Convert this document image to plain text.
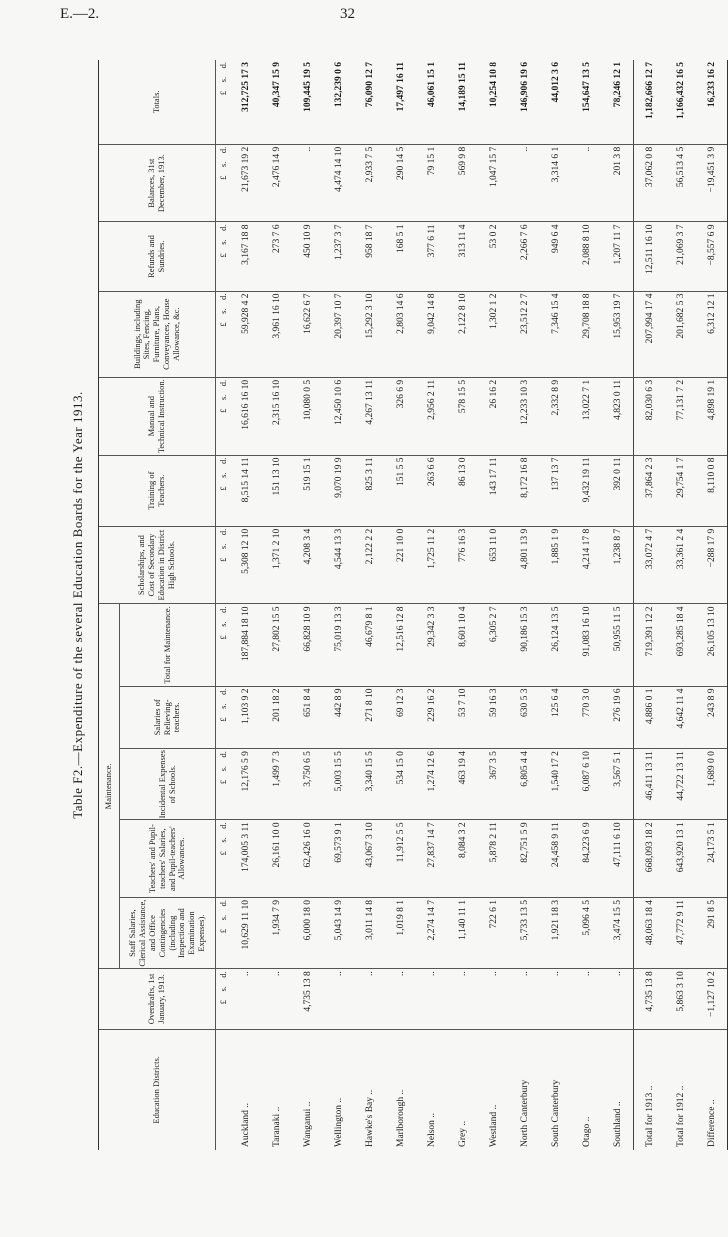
E.—2.	32
Table F2.—Expenditure of the several Education Boards for the Year 1913.
Education Districts.	Overdrafts, 1st January, 1913.	Maintenance.					Scholarships, and Cost of Secondary Education in District High Schools.	Training of Teachers.	Manual and Technical Instruction.	Buildings, including Sites, Fencing, Furniture, Plans, Conveyances, House Allowance, &c.	Refunds and Sundries.	Balances, 31st December, 1913.	Totals.
		Staff Salaries, Clerical Assistance, and Office Contingencies (including Inspection and Examination Expenses).	Teachers' and Pupil-teachers' Salaries, and Pupil-teachers' Allowances.	Incidental Expenses of Schools.	Salaries of Relieving-teachers.	Total for Maintenance.							
	£ s. d.	£ s. d.	£ s. d.	£ s. d.	£ s. d.	£ s. d.	£ s. d.	£ s. d.	£ s. d.	£ s. d.	£ s. d.	£ s. d.	£ s. d.
Auckland ..	..	10,629 11 10	174,005 3 11	12,176 5 9	1,103 9 2	187,884 18 10	5,308 12 10	8,515 14 11	16,616 16 10	59,928 4 2	3,167 18 8	21,673 19 2	312,725 17 3
Taranaki ..	..	1,934 7 9	26,161 10 0	1,499 7 3	201 18 2	27,802 15 5	1,371 2 10	151 13 10	2,315 16 10	3,961 16 10	273 7 6	2,476 14 9	40,347 15 9
Wanganui ..	4,735 13 8	6,000 18 0	62,426 16 0	3,750 6 5	651 8 4	66,828 10 9	4,208 3 4	519 15 1	10,080 0 5	16,622 6 7	450 10 9	..	109,445 19 5
Wellington ..	..	5,043 14 9	69,573 9 1	5,003 15 5	442 8 9	75,019 13 3	4,544 13 3	9,070 19 9	12,450 10 6	20,397 10 7	1,237 3 7	4,474 14 10	132,239 0 6
Hawke's Bay ..	..	3,011 14 8	43,067 3 10	3,340 15 5	271 8 10	46,679 8 1	2,122 2 2	825 3 11	4,267 13 11	15,292 3 10	958 18 7	2,933 7 5	76,090 12 7
Marlborough ..	..	1,019 8 1	11,912 5 5	534 15 0	69 12 3	12,516 12 8	221 10 0	151 5 5	326 6 9	2,803 14 6	168 5 1	290 14 5	17,497 16 11
Nelson ..	..	2,274 14 7	27,837 14 7	1,274 12 6	229 16 2	29,342 3 3	1,725 11 2	263 6 6	2,956 2 11	9,042 14 8	377 6 11	79 15 1	46,061 15 1
Grey ..	..	1,140 11 1	8,084 3 2	463 19 4	53 7 10	8,601 10 4	776 16 3	86 13 0	578 15 5	2,122 8 10	313 11 4	569 9 8	14,189 15 11
Westland ..	..	722 6 1	5,878 2 11	367 3 5	59 16 3	6,305 2 7	653 11 0	143 17 11	26 16 2	1,302 1 2	53 0 2	1,047 15 7	10,254 10 8
North Canterbury	..	5,733 13 5	82,751 5 9	6,805 4 4	630 5 3	90,186 15 3	4,801 13 9	8,172 16 8	12,233 10 3	23,512 2 7	2,266 7 6	..	146,906 19 6
South Canterbury	..	1,921 18 3	24,458 9 11	1,540 17 2	125 6 4	26,124 13 5	1,885 1 9	137 13 7	2,332 8 9	7,346 15 4	949 6 4	3,314 6 1	44,012 3 6
Otago ..	..	5,096 4 5	84,223 6 9	6,087 6 10	770 3 0	91,083 16 10	4,214 17 8	9,432 19 11	13,022 7 1	29,708 18 8	2,088 8 10	..	154,647 13 5
Southland ..	..	3,474 15 5	47,111 6 10	3,567 5 1	276 19 6	50,955 11 5	1,238 8 7	392 0 11	4,823 0 11	15,953 19 7	1,207 11 7	201 3 8	78,246 12 1
Total for 1913 ..	4,735 13 8	48,063 18 4	668,093 18 2	46,411 13 11	4,886 0 1	719,391 12 2	33,072 4 7	37,864 2 3	82,030 6 3	207,994 17 4	12,511 16 10	37,062 0 8	1,182,666 12 7
Total for 1912 ..	5,863 3 10	47,772 9 11	643,920 13 1	44,722 13 11	4,642 11 4	693,285 18 4	33,361 2 4	29,754 1 7	77,131 7 2	201,682 5 3	21,069 3 7	56,513 4 5	1,166,432 16 5
Difference ..	−1,127 10 2	291 8 5	24,173 5 1	1,689 0 0	243 8 9	26,105 13 10	−288 17 9	8,110 0 8	4,898 19 1	6,312 12 1	−8,557 6 9	−19,451 3 9	16,233 16 2
